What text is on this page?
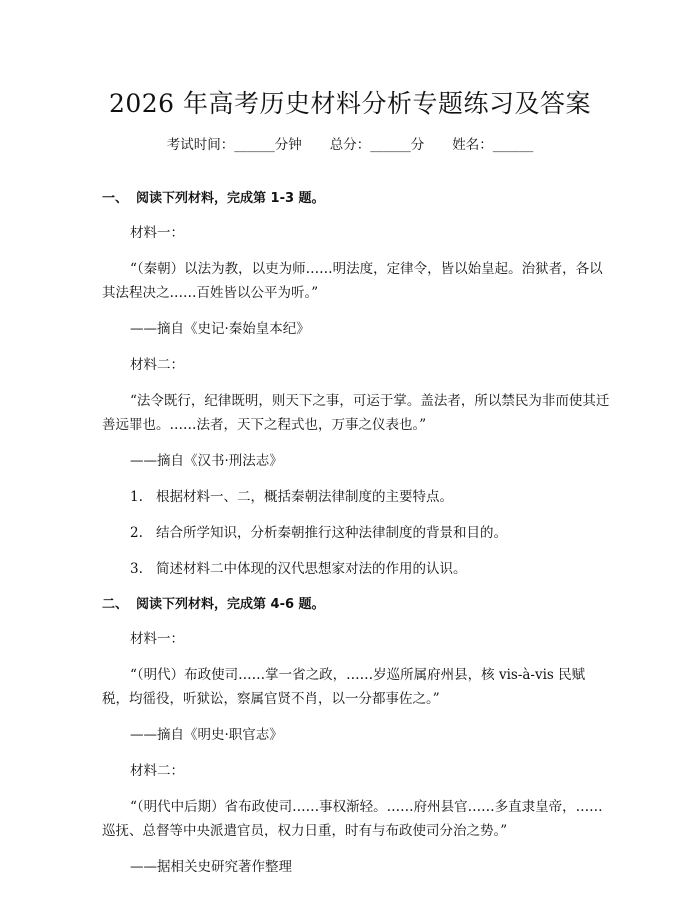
2026 年高考历史材料分析专题练习及答案
考试时间：______分钟 总分：______分 姓名：______
一、 阅读下列材料，完成第 1-3 题。
材料一：
“（秦朝）以法为教，以吏为师……明法度，定律令，皆以始皇起。治狱者，各以其法程决之……百姓皆以公平为听。”
——摘自《史记·秦始皇本纪》
材料二：
“法令既行，纪律既明，则天下之事，可运于掌。盖法者，所以禁民为非而使其迁善远罪也。……法者，天下之程式也，万事之仪表也。”
——摘自《汉书·刑法志》
1. 根据材料一、二，概括秦朝法律制度的主要特点。
2. 结合所学知识，分析秦朝推行这种法律制度的背景和目的。
3. 简述材料二中体现的汉代思想家对法的作用的认识。
二、 阅读下列材料，完成第 4-6 题。
材料一：
“（明代）布政使司……掌一省之政，……岁巡所属府州县，核 vis-à-vis 民赋税，均徭役，听狱讼，察属官贤不肖，以一分都事佐之。”
——摘自《明史·职官志》
材料二：
“（明代中后期）省布政使司……事权渐轻。……府州县官……多直隶皇帝，……巡抚、总督等中央派遣官员，权力日重，时有与布政使司分治之势。”
——据相关史研究著作整理
